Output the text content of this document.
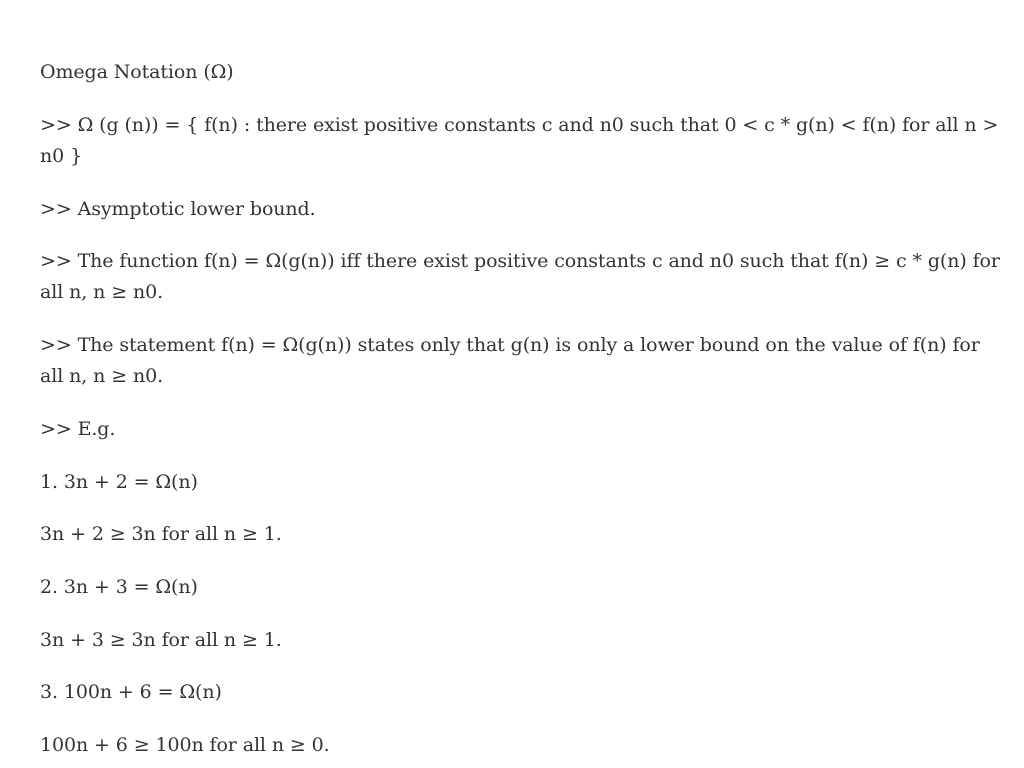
Omega Notation (Ω)
>> Ω (g (n)) = { f(n) : there exist positive constants c and n0 such that 0 < c * g(n) < f(n) for all n > n0 }
>> Asymptotic lower bound.
>> The function f(n) = Ω(g(n)) iff there exist positive constants c and n0 such that f(n) ≥ c * g(n) for all n, n ≥ n0.
>> The statement f(n) = Ω(g(n)) states only that g(n) is only a lower bound on the value of f(n) for all n, n ≥ n0.
>> E.g.
1. 3n + 2 = Ω(n)
3n + 2 ≥ 3n for all n ≥ 1.
2. 3n + 3 = Ω(n)
3n + 3 ≥ 3n for all n ≥ 1.
3. 100n + 6 = Ω(n)
100n + 6 ≥ 100n for all n ≥ 0.
